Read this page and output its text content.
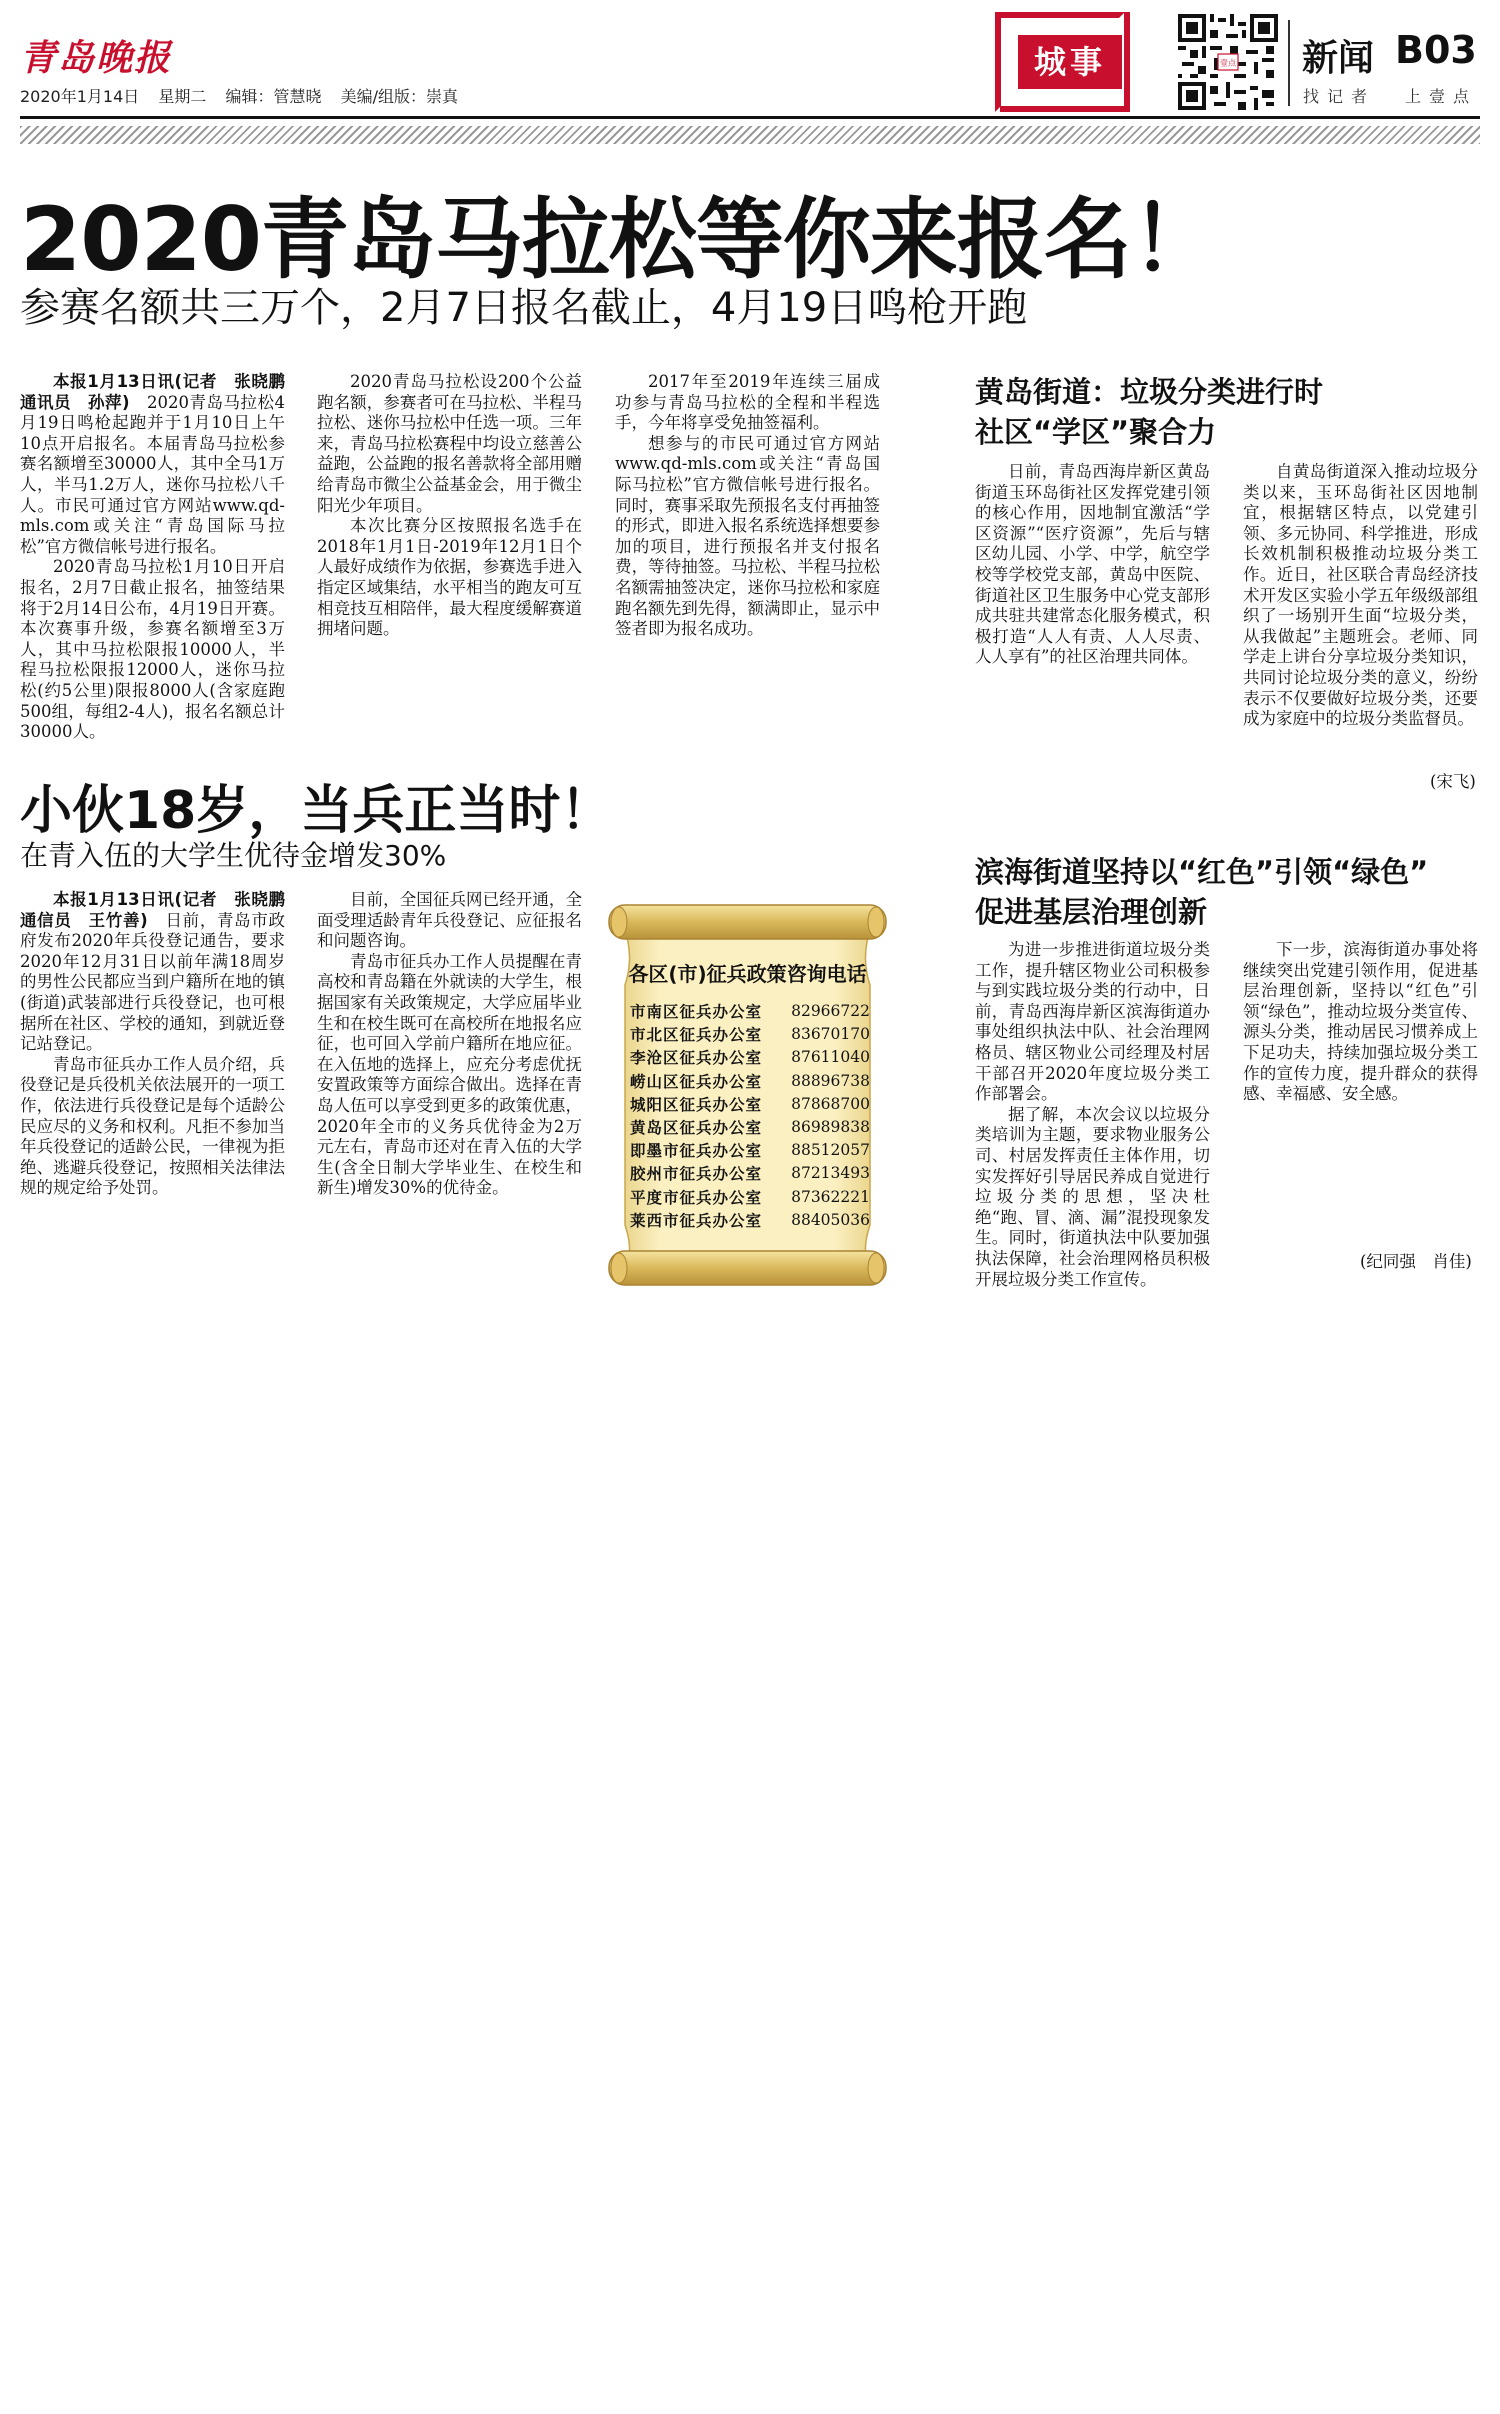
青岛晚报
2020年1月14日 星期二 编辑：管慧晓 美编/组版：崇真
城事	壹点 新闻 B03
找记者 上壹点
2020青岛马拉松等你来报名！
参赛名额共三万个，2月7日报名截止，4月19日鸣枪开跑

本报1月13日讯(记者　张晓鹏　通讯员　孙萍)　 2020青岛马拉松4月19日鸣枪起跑并于1月10日上午10点开启报名。本届青岛马拉松参赛名额增至30000人，其中全马1万人，半马1.2万人，迷你马拉松八千人。市民可通过官方网站www.qd-mls.com或关注“青岛国际马拉松”官方微信帐号进行报名。

2020青岛马拉松1月10日开启报名，2月7日截止报名，抽签结果将于2月14日公布，4月19日开赛。本次赛事升级，参赛名额增至3万人，其中马拉松限报10000人，半程马拉松限报12000人，迷你马拉松(约5公里)限报8000人(含家庭跑500组，每组2-4人)，报名名额总计30000人。

2020青岛马拉松设200个公益跑名额，参赛者可在马拉松、半程马拉松、迷你马拉松中任选一项。三年来，青岛马拉松赛程中均设立慈善公益跑，公益跑的报名善款将全部用赠给青岛市微尘公益基金会，用于微尘阳光少年项目。

本次比赛分区按照报名选手在2018年1月1日-2019年12月1日个人最好成绩作为依据，参赛选手进入指定区域集结，水平相当的跑友可互相竞技互相陪伴，最大程度缓解赛道拥堵问题。

2017年至2019年连续三届成功参与青岛马拉松的全程和半程选手，今年将享受免抽签福利。

想参与的市民可通过官方网站www.qd-mls.com或关注“青岛国际马拉松”官方微信帐号进行报名。同时，赛事采取先预报名支付再抽签的形式，即进入报名系统选择想要参加的项目，进行预报名并支付报名费，等待抽签。马拉松、半程马拉松名额需抽签决定，迷你马拉松和家庭跑名额先到先得，额满即止，显示中签者即为报名成功。

小伙18岁，当兵正当时！
在青入伍的大学生优待金增发30%

本报1月13日讯(记者　张晓鹏　通信员　王竹善)　 日前，青岛市政府发布2020年兵役登记通告，要求2020年12月31日以前年满18周岁的男性公民都应当到户籍所在地的镇(街道)武装部进行兵役登记，也可根据所在社区、学校的通知，到就近登记站登记。

青岛市征兵办工作人员介绍，兵役登记是兵役机关依法展开的一项工作，依法进行兵役登记是每个适龄公民应尽的义务和权利。凡拒不参加当年兵役登记的适龄公民，一律视为拒绝、逃避兵役登记，按照相关法律法规的规定给予处罚。

目前，全国征兵网已经开通，全面受理适龄青年兵役登记、应征报名和问题咨询。

青岛市征兵办工作人员提醒在青高校和青岛籍在外就读的大学生，根据国家有关政策规定，大学应届毕业生和在校生既可在高校所在地报名应征，也可回入学前户籍所在地应征。在入伍地的选择上，应充分考虑优抚安置政策等方面综合做出。选择在青岛人伍可以享受到更多的政策优惠，2020年全市的义务兵优待金为2万元左右，青岛市还对在青入伍的大学生(含全日制大学毕业生、在校生和新生)增发30%的优待金。

各区(市)征兵政策咨询电话
市南区征兵办公室 82966722
市北区征兵办公室 83670170
李沧区征兵办公室 87611040
崂山区征兵办公室 88896738
城阳区征兵办公室 87868700
黄岛区征兵办公室 86989838
即墨市征兵办公室 88512057
胶州市征兵办公室 87213493
平度市征兵办公室 87362221
莱西市征兵办公室 88405036
黄岛街道：垃圾分类进行时
社区“学区”聚合力

日前，青岛西海岸新区黄岛街道玉环岛街社区发挥党建引领的核心作用，因地制宜激活“学区资源”“医疗资源”，先后与辖区幼儿园、小学、中学，航空学校等学校党支部，黄岛中医院、街道社区卫生服务中心党支部形成共驻共建常态化服务模式，积极打造“人人有责、人人尽责、人人享有”的社区治理共同体。

自黄岛街道深入推动垃圾分类以来，玉环岛街社区因地制宜，根据辖区特点，以党建引领、多元协同、科学推进，形成长效机制积极推动垃圾分类工作。近日，社区联合青岛经济技术开发区实验小学五年级级部组织了一场别开生面“垃圾分类，从我做起”主题班会。老师、同学走上讲台分享垃圾分类知识，共同讨论垃圾分类的意义，纷纷表示不仅要做好垃圾分类，还要成为家庭中的垃圾分类监督员。

(宋飞)
滨海街道坚持以“红色”引领“绿色”
促进基层治理创新

为进一步推进街道垃圾分类工作，提升辖区物业公司积极参与到实践垃圾分类的行动中，日前，青岛西海岸新区滨海街道办事处组织执法中队、社会治理网格员、辖区物业公司经理及村居干部召开2020年度垃圾分类工作部署会。

据了解，本次会议以垃圾分类培训为主题，要求物业服务公司、村居发挥责任主体作用，切实发挥好引导居民养成自觉进行垃圾分类的思想，坚决杜绝“跑、冒、滴、漏”混投现象发生。同时，街道执法中队要加强执法保障，社会治理网格员积极开展垃圾分类工作宣传。

下一步，滨海街道办事处将继续突出党建引领作用，促进基层治理创新，坚持以“红色”引领“绿色”，推动垃圾分类宣传、源头分类，推动居民习惯养成上下足功夫，持续加强垃圾分类工作的宣传力度，提升群众的获得感、幸福感、安全感。

(纪同强　肖佳)
